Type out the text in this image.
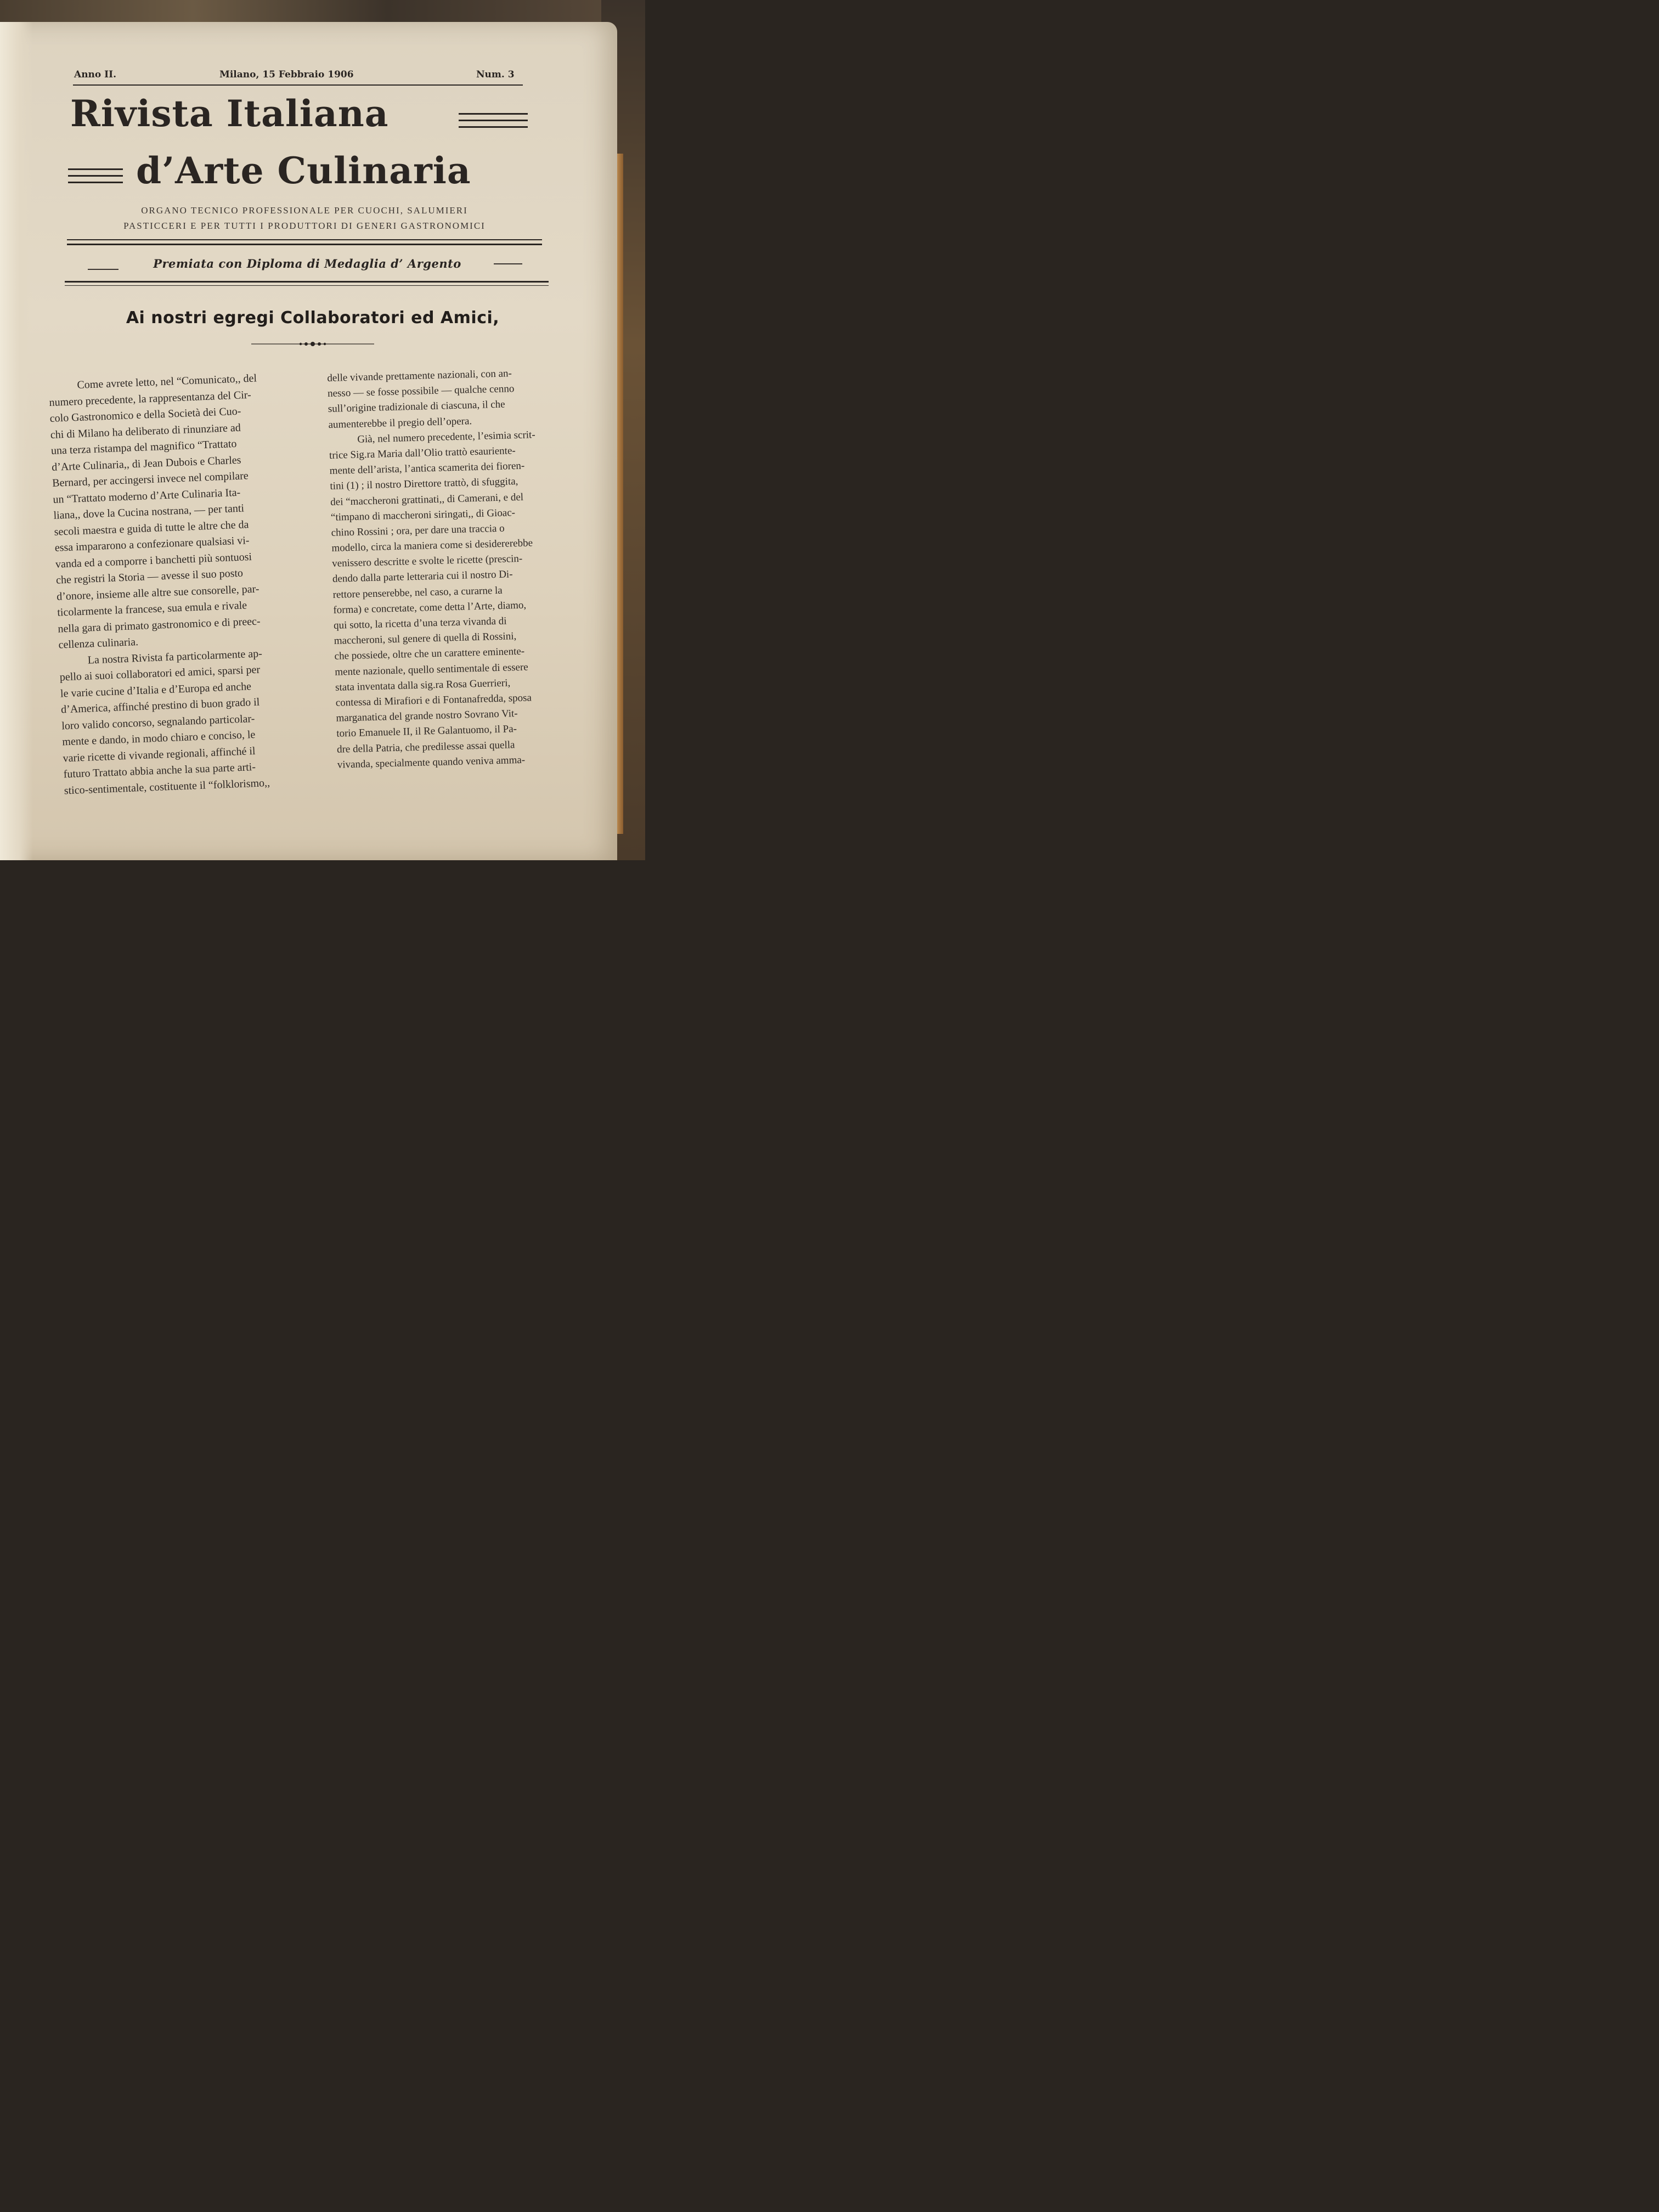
Anno II.	Milano, 15 Febbraio 1906	Num. 3
Rivista Italiana
d’Arte Culinaria
ORGANO TECNICO PROFESSIONALE PER CUOCHI, SALUMIERI
PASTICCERI E PER TUTTI I PRODUTTORI DI GENERI GASTRONOMICI
Premiata con Diploma di Medaglia d’ Argento
Ai nostri egregi Collaboratori ed Amici,
Come avrete letto, nel “Comunicato,, del
numero precedente, la rappresentanza del Cir-
colo Gastronomico e della Società dei Cuo-
chi di Milano ha deliberato di rinunziare ad
una terza ristampa del magnifico “Trattato
d’Arte Culinaria,, di Jean Dubois e Charles
Bernard, per accingersi invece nel compilare
un “Trattato moderno d’Arte Culinaria Ita-
liana,, dove la Cucina nostrana, — per tanti
secoli maestra e guida di tutte le altre che da
essa impararono a confezionare qualsiasi vi-
vanda ed a comporre i banchetti più sontuosi
che registri la Storia — avesse il suo posto
d’onore, insieme alle altre sue consorelle, par-
ticolarmente la francese, sua emula e rivale
nella gara di primato gastronomico e di preec-
cellenza culinaria.
La nostra Rivista fa particolarmente ap-
pello ai suoi collaboratori ed amici, sparsi per
le varie cucine d’Italia e d’Europa ed anche
d’America, affinché prestino di buon grado il
loro valido concorso, segnalando particolar-
mente e dando, in modo chiaro e conciso, le
varie ricette di vivande regionali, affinché il
futuro Trattato abbia anche la sua parte arti-
stico-sentimentale, costituente il “folklorismo,,
delle vivande prettamente nazionali, con an-
nesso — se fosse possibile — qualche cenno
sull’origine tradizionale di ciascuna, il che
aumenterebbe il pregio dell’opera.
Già, nel numero precedente, l’esimia scrit-
trice Sig.ra Maria dall’Olio trattò esauriente-
mente dell’arista, l’antica scamerita dei fioren-
tini (1) ; il nostro Direttore trattò, di sfuggita,
dei “maccheroni grattinati,, di Camerani, e del
“timpano di maccheroni siringati,, di Gioac-
chino Rossini ; ora, per dare una traccia o
modello, circa la maniera come si desidererebbe
venissero descritte e svolte le ricette (prescin-
dendo dalla parte letteraria cui il nostro Di-
rettore penserebbe, nel caso, a curarne la
forma) e concretate, come detta l’Arte, diamo,
qui sotto, la ricetta d’una terza vivanda di
maccheroni, sul genere di quella di Rossini,
che possiede, oltre che un carattere eminente-
mente nazionale, quello sentimentale di essere
stata inventata dalla sig.ra Rosa Guerrieri,
contessa di Mirafiori e di Fontanafredda, sposa
marganatica del grande nostro Sovrano Vit-
torio Emanuele II, il Re Galantuomo, il Pa-
dre della Patria, che predilesse assai quella
vivanda, specialmente quando veniva amma-
